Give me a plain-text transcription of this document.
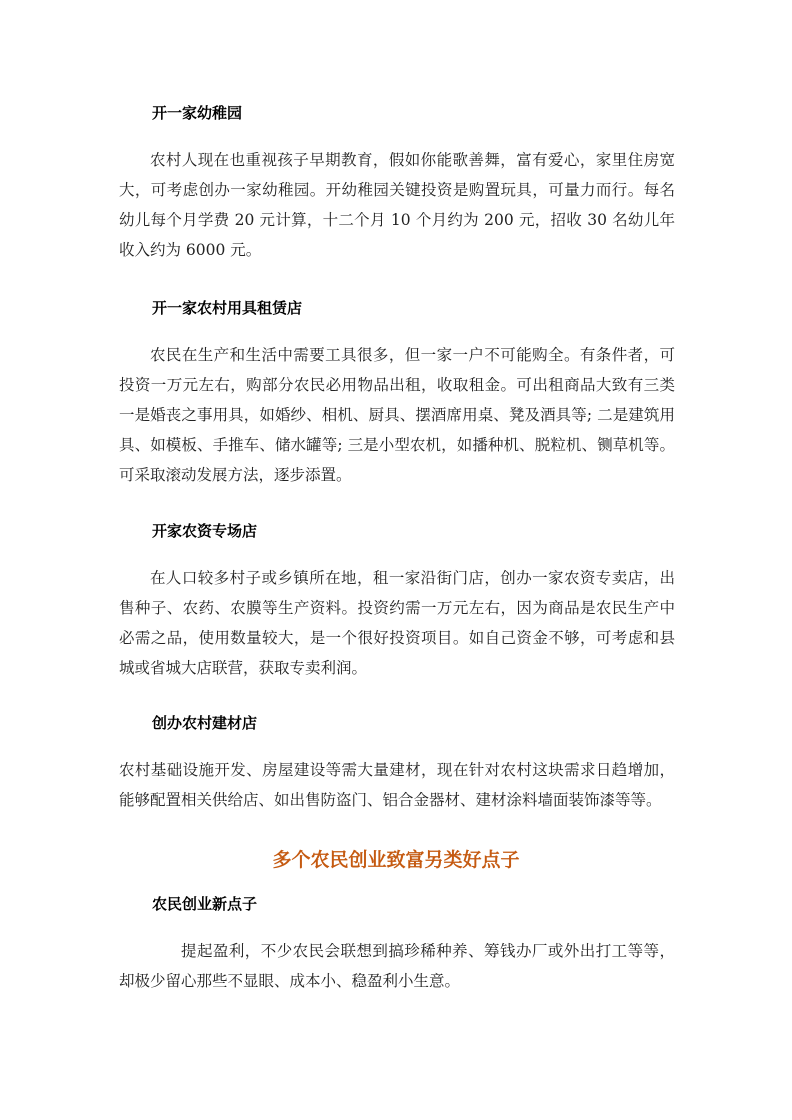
开一家幼稚园
农村人现在也重视孩子早期教育，假如你能歌善舞，富有爱心，家里住房宽大，可考虑创办一家幼稚园。开幼稚园关键投资是购置玩具，可量力而行。每名幼儿每个月学费 20 元计算，十二个月 10 个月约为 200 元，招收 30 名幼儿年收入约为 6000 元。
开一家农村用具租赁店
农民在生产和生活中需要工具很多，但一家一户不可能购全。有条件者，可投资一万元左右，购部分农民必用物品出租，收取租金。可出租商品大致有三类一是婚丧之事用具，如婚纱、相机、厨具、摆酒席用桌、凳及酒具等; 二是建筑用具、如模板、手推车、储水罐等; 三是小型农机，如播种机、脱粒机、铡草机等。可采取滚动发展方法，逐步添置。
开家农资专场店
在人口较多村子或乡镇所在地，租一家沿街门店，创办一家农资专卖店，出售种子、农药、农膜等生产资料。投资约需一万元左右，因为商品是农民生产中必需之品，使用数量较大，是一个很好投资项目。如自己资金不够，可考虑和县城或省城大店联营，获取专卖利润。
创办农村建材店
农村基础设施开发、房屋建设等需大量建材，现在针对农村这块需求日趋增加，能够配置相关供给店、如出售防盗门、铝合金器材、建材涂料墙面装饰漆等等。
多个农民创业致富另类好点子
农民创业新点子
提起盈利，不少农民会联想到搞珍稀种养、筹钱办厂或外出打工等等，却极少留心那些不显眼、成本小、稳盈利小生意。
